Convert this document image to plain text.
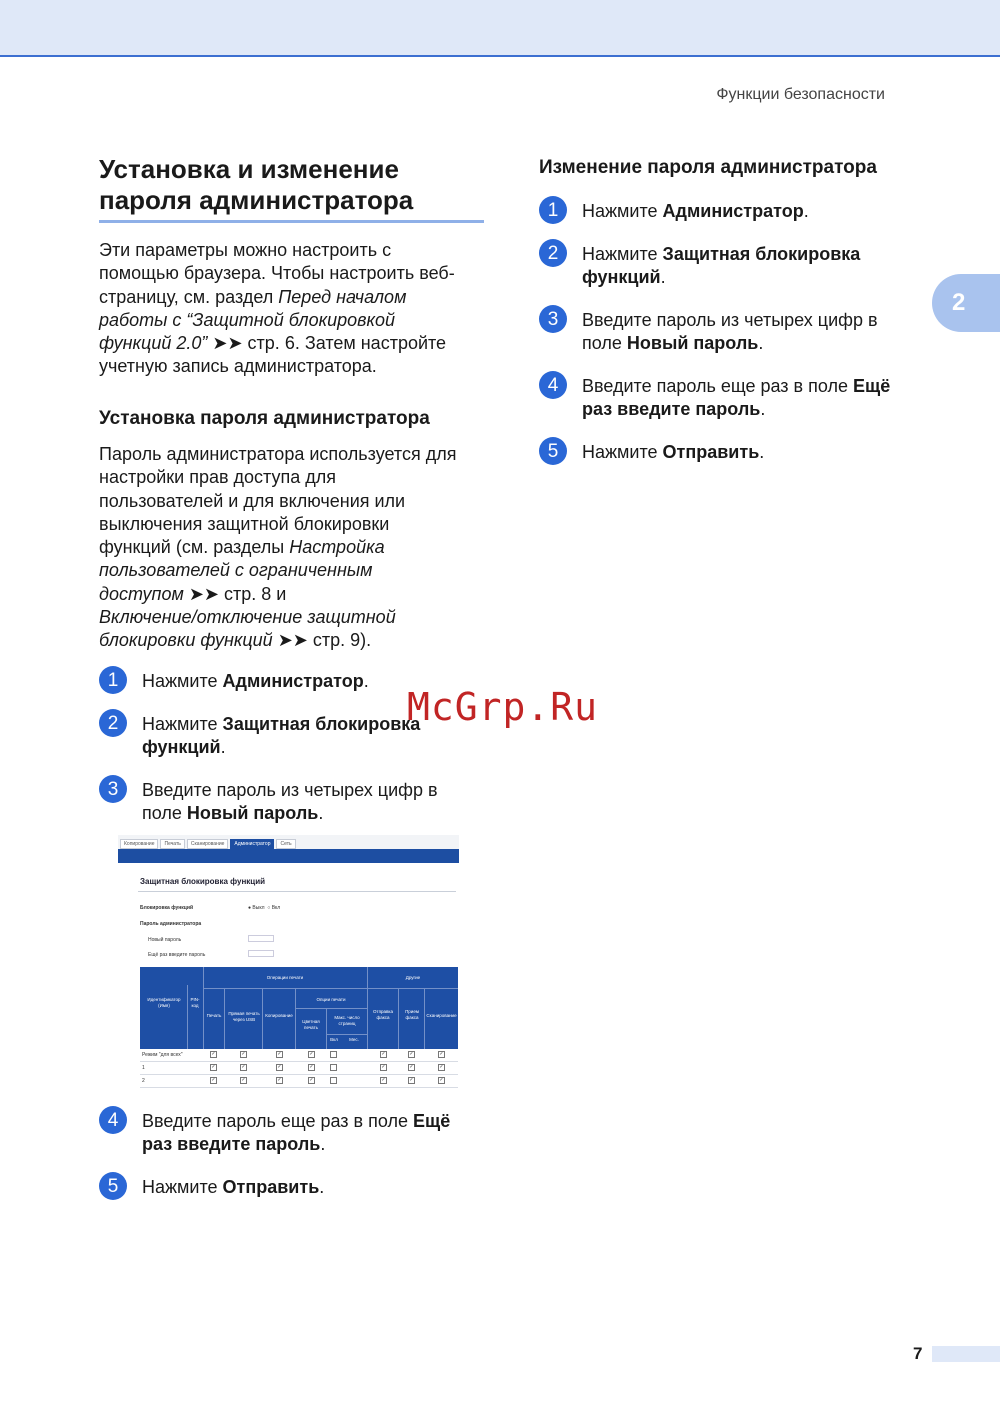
Функции безопасности
2
Установка и изменение
пароля администратора

Эти параметры можно настроить с
помощью браузера. Чтобы настроить веб-
страницу, см. раздел Перед началом
работы с “Защитной блокировкой
функций 2.0” ➤➤ стр. 6. Затем настройте
учетную запись администратора.

Установка пароля администратора

Пароль администратора используется для
настройки прав доступа для
пользователей и для включения или
выключения защитной блокировки
функций (см. разделы Настройка
пользователей с ограниченным
доступом ➤➤ стр. 8 и
Включение/отключение защитной
блокировки функций ➤➤ стр. 9).

1	Нажмите Администратор.
2	Нажмите Защитная блокировка
функций.
3	Введите пароль из четырех цифр в
поле Новый пароль.
Копирование	Печать	Сканирование	Администратор	Сеть
Защитная блокировка функций
Блокировка функций	● Выкл  ○ Вкл
Пароль администратора
Новый пароль
Ещё раз введите пароль
Идентификатор (Имя)
PIN-код
Операции печати	Другие
Печать	Прямая печать через USB
Копирование
Опции печати
Цветная печать
Макс. число страниц
Вкл	Мес.
Отправка факса
Прием факса	Сканирование
Режим "для всех"	✓	✓	✓	✓	✓	✓	✓
1	✓	✓	✓	✓	✓	✓	✓
2	✓	✓	✓	✓	✓	✓	✓
4	Введите пароль еще раз в поле Ещё
раз введите пароль.
5	Нажмите Отправить.
Изменение пароля администратора
1	Нажмите Администратор.
2	Нажмите Защитная блокировка
функций.
3	Введите пароль из четырех цифр в
поле Новый пароль.
4	Введите пароль еще раз в поле Ещё
раз введите пароль.
5	Нажмите Отправить.
McGrp.Ru
7
